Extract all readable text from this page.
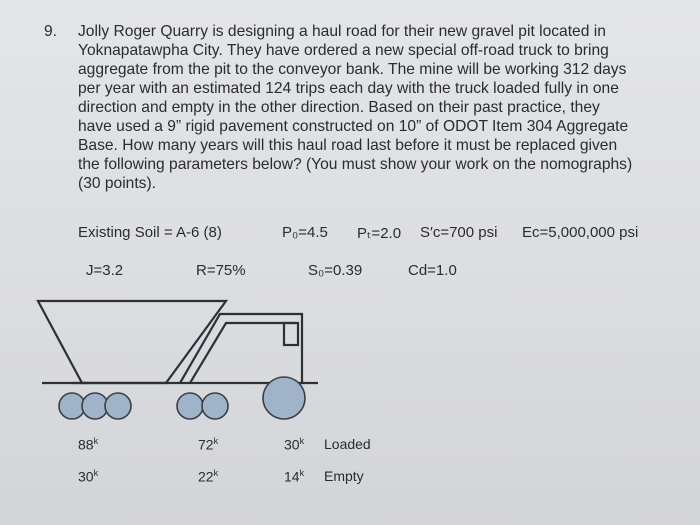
9. Jolly Roger Quarry is designing a haul road for their new gravel pit located in
Yoknapatawpha City. They have ordered a new special off-road truck to bring
aggregate from the pit to the conveyor bank. The mine will be working 312 days
per year with an estimated 124 trips each day with the truck loaded fully in one
direction and empty in the other direction. Based on their past practice, they
have used a 9” rigid pavement constructed on 10” of ODOT Item 304 Aggregate
Base. How many years will this haul road last before it must be replaced given
the following parameters below? (You must show your work on the nomographs)
(30 points).
Existing Soil = A-6 (8)	P₀=4.5 Pₜ=2.0 S′c=700 psi Ec=5,000,000 psi
J=3.2	R=75%	S₀=0.39	Cd=1.0
88$^k$	72$^k$	30$^k$ Loaded
30$^k$	22$^k$	14$^k$ Empty
